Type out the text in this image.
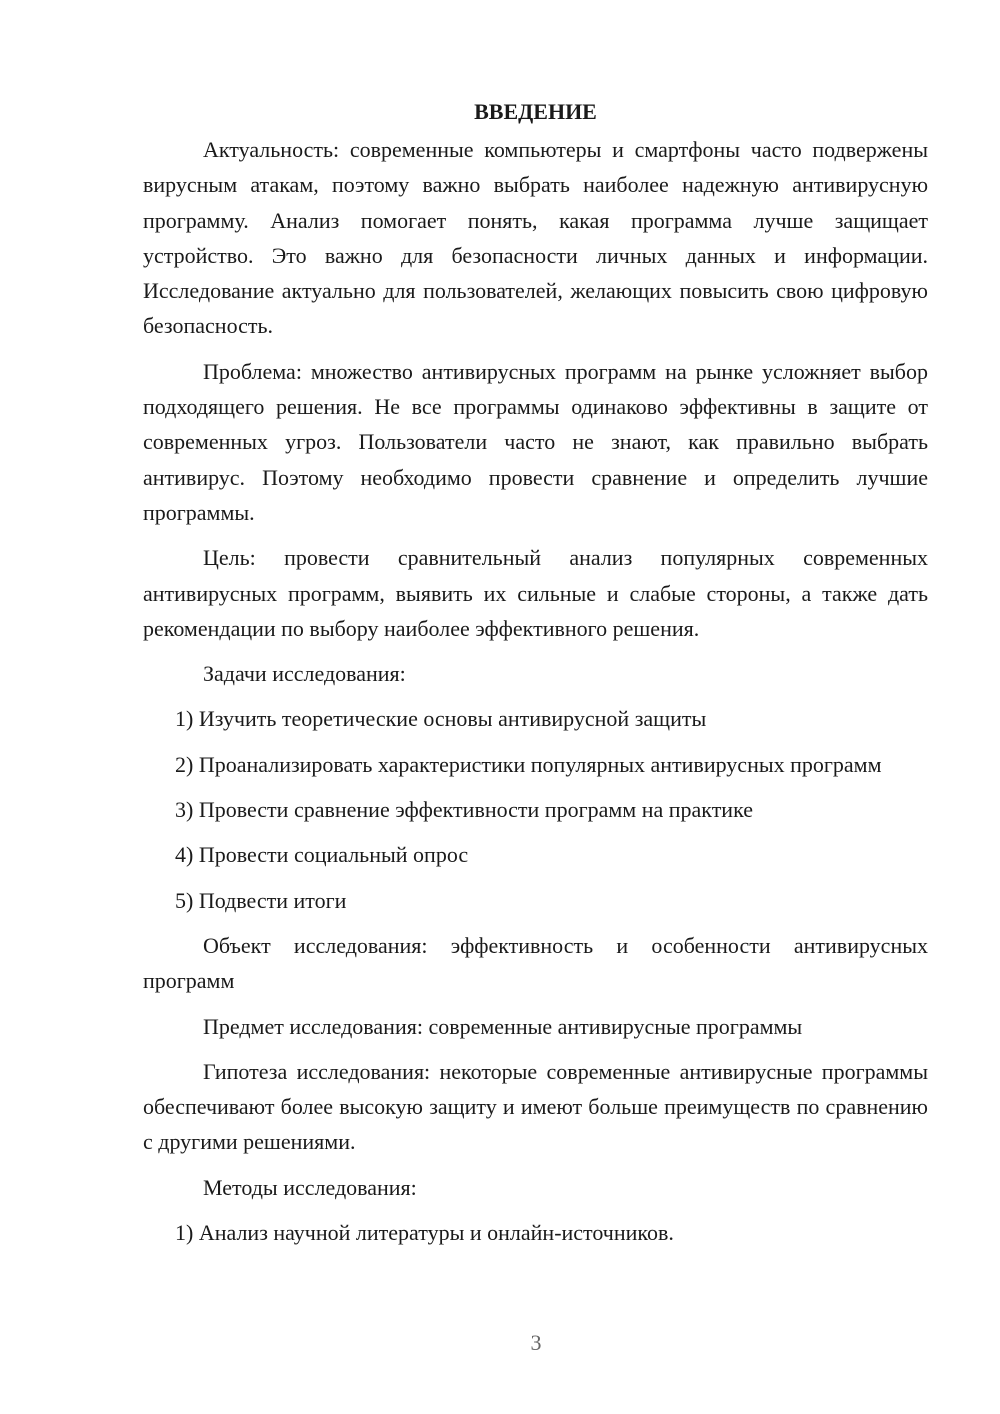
ВВЕДЕНИЕ

Актуальность: современные компьютеры и смартфоны часто подвержены вирусным атакам, поэтому важно выбрать наиболее надежную антивирусную программу. Анализ помогает понять, какая программа лучше защищает устройство. Это важно для безопасности личных данных и информации. Исследование актуально для пользователей, желающих повысить свою цифровую безопасность.

Проблема: множество антивирусных программ на рынке усложняет выбор подходящего решения. Не все программы одинаково эффективны в защите от современных угроз. Пользователи часто не знают, как правильно выбрать антивирус. Поэтому необходимо провести сравнение и определить лучшие программы.

Цель: провести сравнительный анализ популярных современных антивирусных программ, выявить их сильные и слабые стороны, а также дать рекомендации по выбору наиболее эффективного решения.

Задачи исследования:

1) Изучить теоретические основы антивирусной защиты

2) Проанализировать характеристики популярных антивирусных программ

3) Провести сравнение эффективности программ на практике

4) Провести социальный опрос

5) Подвести итоги

Объект исследования: эффективность и особенности антивирусных программ

Предмет исследования: современные антивирусные программы

Гипотеза исследования: некоторые современные антивирусные программы обеспечивают более высокую защиту и имеют больше преимуществ по сравнению с другими решениями.

Методы исследования:

1) Анализ научной литературы и онлайн-источников.

3
